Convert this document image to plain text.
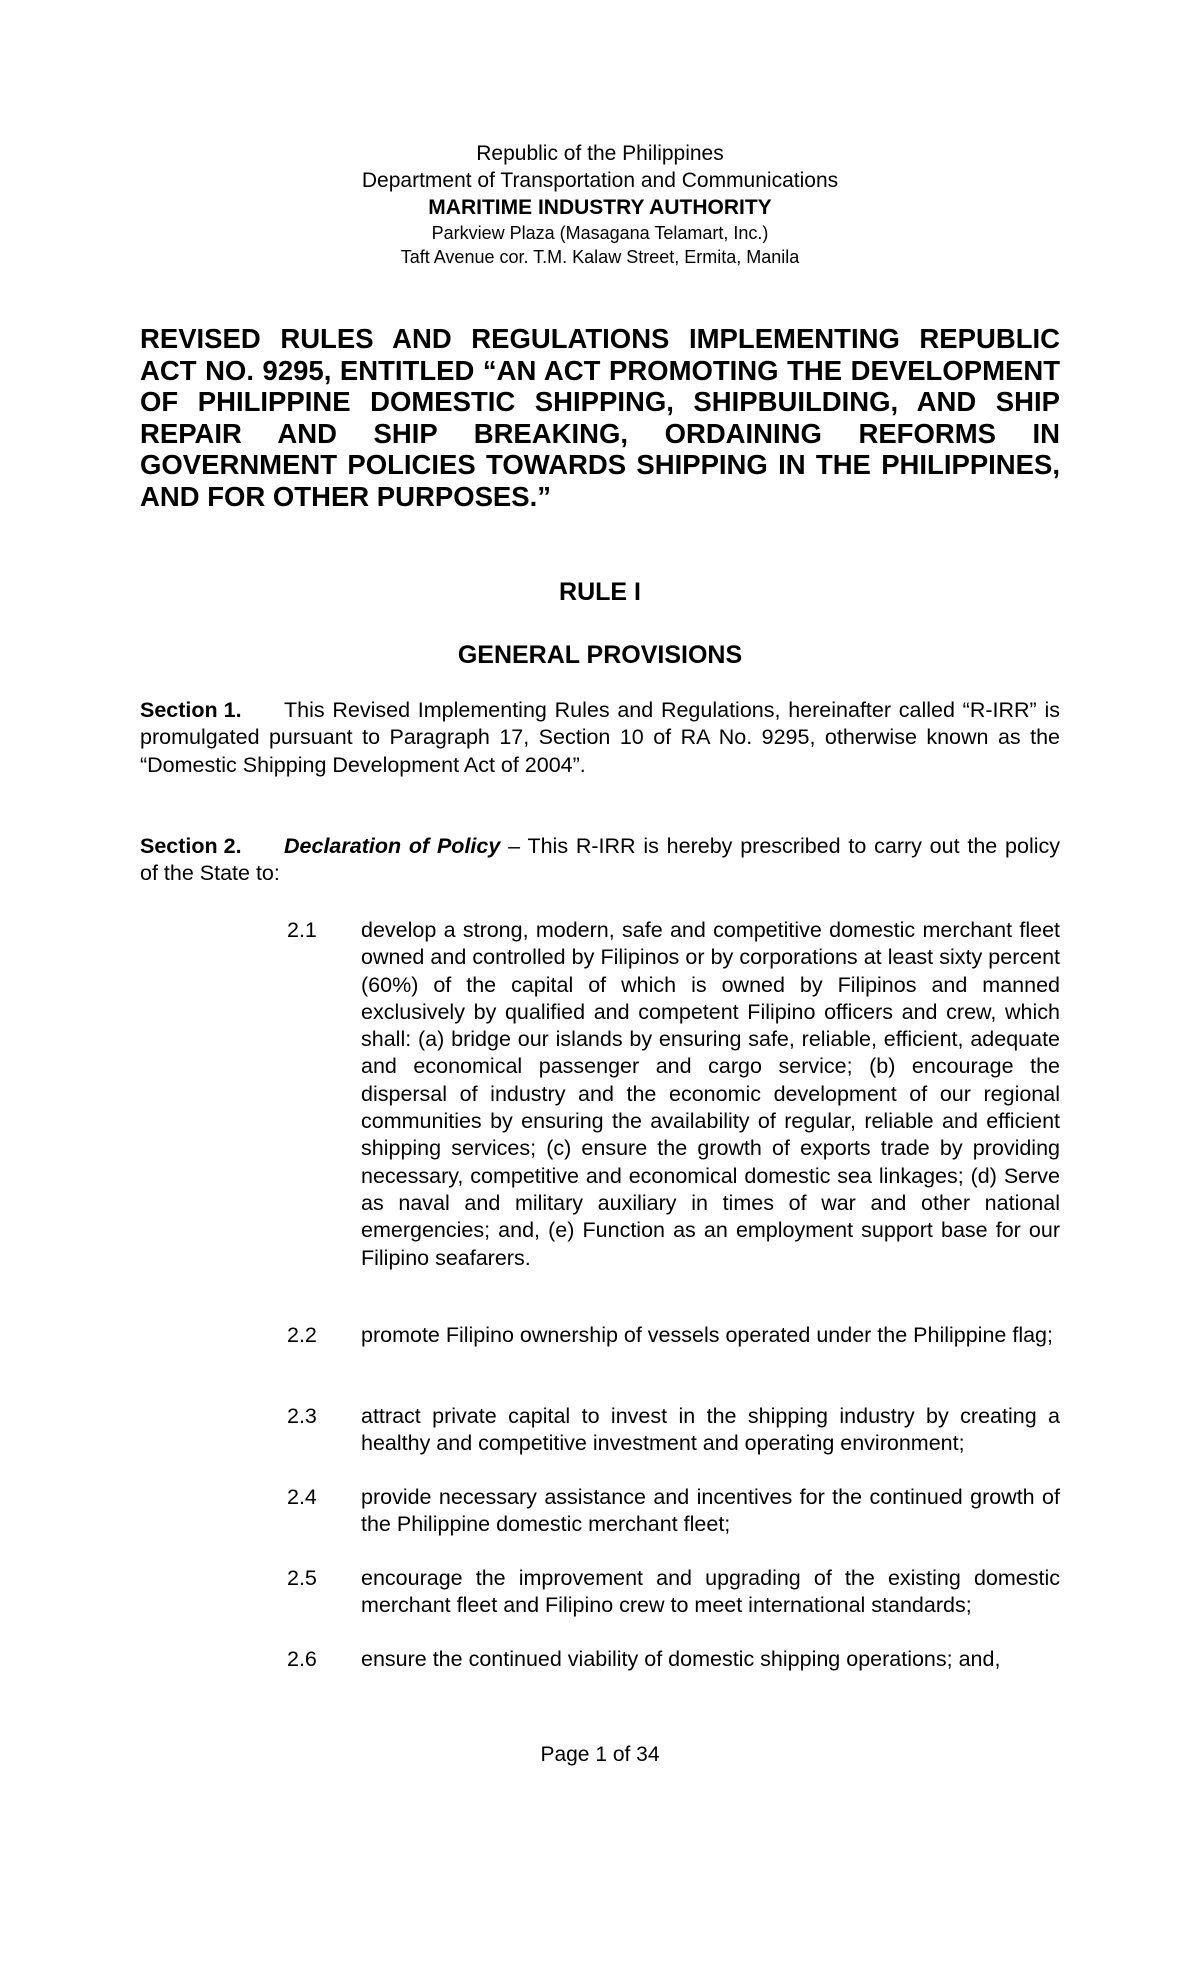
Republic of the Philippines
Department of Transportation and Communications
MARITIME INDUSTRY AUTHORITY
Parkview Plaza (Masagana Telamart, Inc.)
Taft Avenue cor. T.M. Kalaw Street, Ermita, Manila

REVISED RULES AND REGULATIONS IMPLEMENTING REPUBLIC ACT NO. 9295, ENTITLED “AN ACT PROMOTING THE DEVELOPMENT OF PHILIPPINE DOMESTIC SHIPPING, SHIPBUILDING, AND SHIP REPAIR AND SHIP BREAKING, ORDAINING REFORMS IN GOVERNMENT POLICIES TOWARDS SHIPPING IN THE PHILIPPINES, AND FOR OTHER PURPOSES.”

RULE I

GENERAL PROVISIONS

Section 1. This Revised Implementing Rules and Regulations, hereinafter called “R-IRR” is promulgated pursuant to Paragraph 17, Section 10 of RA No. 9295, otherwise known as the “Domestic Shipping Development Act of 2004”.

Section 2. Declaration of Policy – This R-IRR is hereby prescribed to carry out the policy of the State to:

2.1	develop a strong, modern, safe and competitive domestic merchant fleet owned and controlled by Filipinos or by corporations at least sixty percent (60%) of the capital of which is owned by Filipinos and manned exclusively by qualified and competent Filipino officers and crew, which shall: (a) bridge our islands by ensuring safe, reliable, efficient, adequate and economical passenger and cargo service; (b) encourage the dispersal of industry and the economic development of our regional communities by ensuring the availability of regular, reliable and efficient shipping services; (c) ensure the growth of exports trade by providing necessary, competitive and economical domestic sea linkages; (d) Serve as naval and military auxiliary in times of war and other national emergencies; and, (e) Function as an employment support base for our Filipino seafarers.
2.2	promote Filipino ownership of vessels operated under the Philippine flag;
2.3	attract private capital to invest in the shipping industry by creating a healthy and competitive investment and operating environment;
2.4	provide necessary assistance and incentives for the continued growth of the Philippine domestic merchant fleet;
2.5	encourage the improvement and upgrading of the existing domestic merchant fleet and Filipino crew to meet international standards;
2.6	ensure the continued viability of domestic shipping operations; and,
Page 1 of 34
